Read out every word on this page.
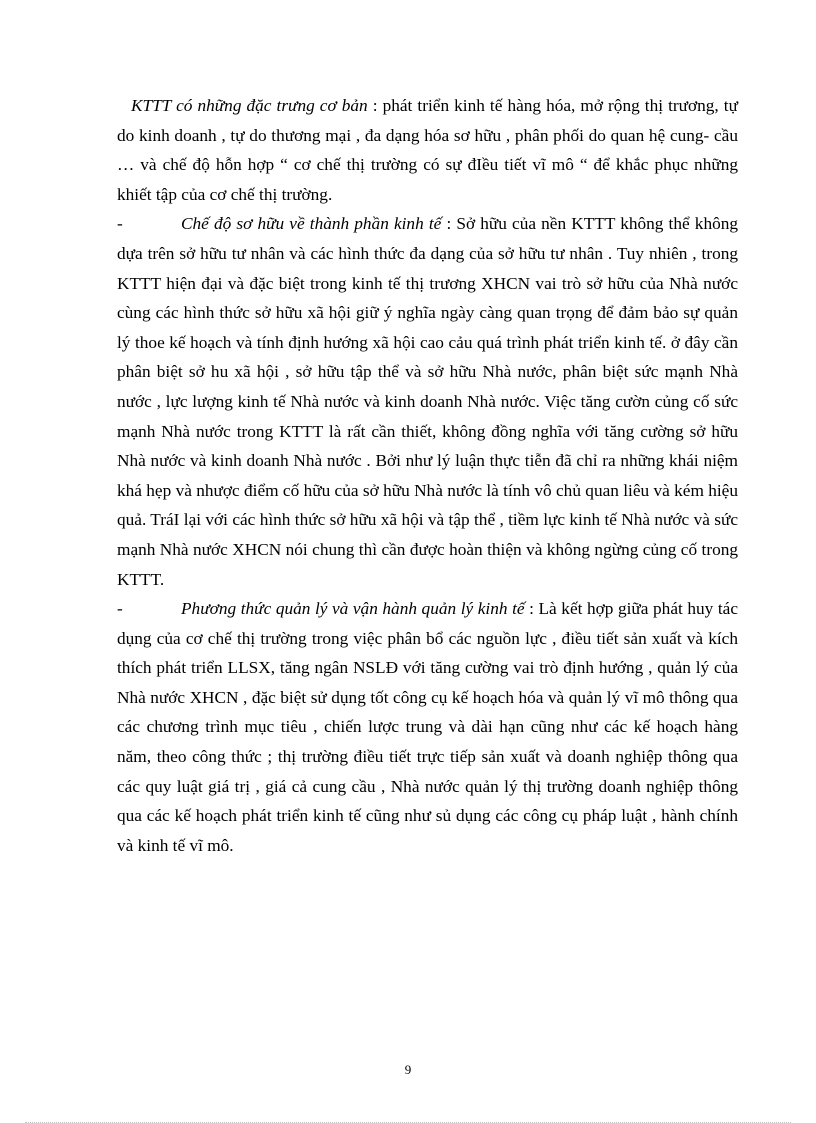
KTTT có những đặc trưng cơ bản : phát triển kinh tế hàng hóa, mở rộng thị trương, tự do kinh doanh , tự do thương mại , đa dạng hóa sơ hữu , phân phối do quan hệ cung- cầu … và chế độ hỗn hợp “ cơ chế thị trường có sự đIều tiết vĩ mô “ để khắc phục những khiết tập của cơ chế thị trường.

-	Chế độ sơ hữu về thành phần kinh tế : Sở hữu của nền KTTT không thể không dựa trên sở hữu tư nhân và các hình thức đa dạng của sở hữu tư nhân . Tuy nhiên , trong KTTT hiện đại và đặc biệt trong kinh tế thị trương XHCN vai trò sở hữu của Nhà nước cùng các hình thức sở hữu xã hội giữ ý nghĩa ngày càng quan trọng để đảm bảo sự quản lý thoe kế hoạch và tính định hướng xã hội cao cảu quá trình phát triển kinh tế. ở đây cần phân biệt sở hu xã hội , sở hữu tập thể và sở hữu Nhà nước, phân biệt sức mạnh Nhà nước , lực lượng kinh tế Nhà nước và kinh doanh Nhà nước. Việc tăng cườn củng cố sức mạnh Nhà nước trong KTTT là rất cần thiết, không đồng nghĩa với tăng cường sở hữu Nhà nước và kinh doanh Nhà nước . Bởi như lý luận thực tiễn đã chỉ ra những khái niệm khá hẹp và nhược điểm cố hữu của sở hữu Nhà nước là tính vô chủ quan liêu và kém hiệu quả. TráI lại với các hình thức sở hữu xã hội và tập thể , tiềm lực kinh tế Nhà nước và sức mạnh Nhà nước XHCN nói chung thì cần được hoàn thiện và không ngừng củng cố trong KTTT.

-	Phương thức quản lý và vận hành quản lý kinh tế : Là kết hợp giữa phát huy tác dụng của cơ chế thị trường trong việc phân bổ các nguồn lực , điều tiết sản xuất và kích thích phát triển LLSX, tăng ngân NSLĐ với tăng cường vai trò định hướng , quản lý của Nhà nước XHCN , đặc biệt sử dụng tốt công cụ kế hoạch hóa và quản lý vĩ mô thông qua các chương trình mục tiêu , chiến lược trung và dài hạn cũng như các kế hoạch hàng năm, theo công thức ; thị trường điều tiết trực tiếp sản xuất và doanh nghiệp thông qua các quy luật giá trị , giá cả cung cầu , Nhà nước quản lý thị trường doanh nghiệp thông qua các kế hoạch phát triển kinh tế cũng như sủ dụng các công cụ pháp luật , hành chính và kinh tế vĩ mô.

9
